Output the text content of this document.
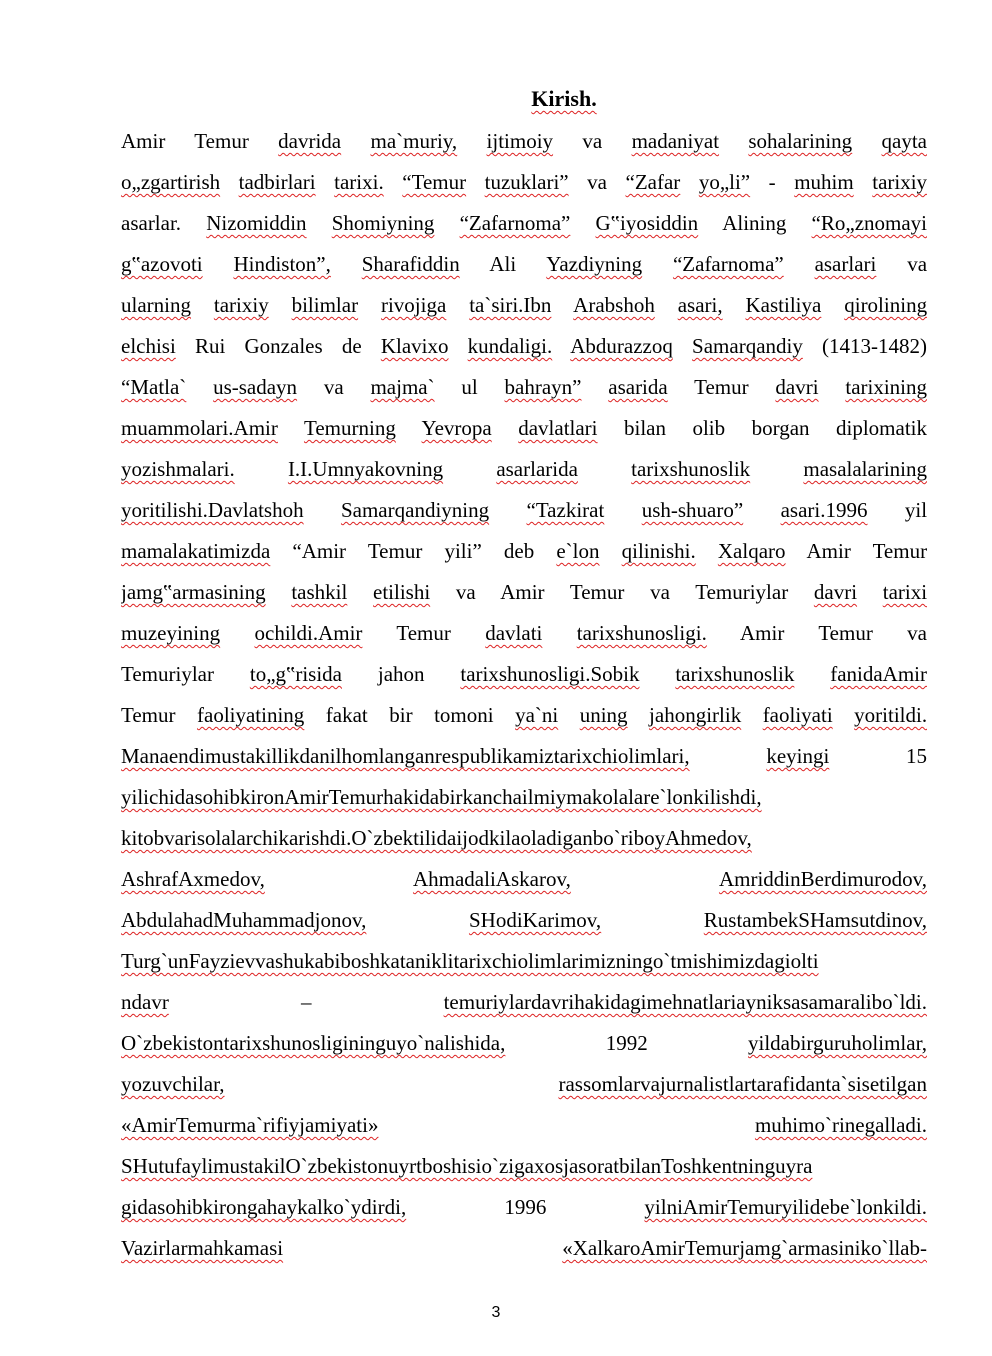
Kirish.
Amir Temur davrida ma`muriy, ijtimoiy va madaniyat sohalarining qayta
o„zgartirish tadbirlari tarixi. “Temur tuzuklari” va “Zafar yo„li” - muhim tarixiy
asarlar. Nizomiddin Shomiyning “Zafarnoma” G‟iyosiddin Alining “Ro„znomayi
g‟azovoti Hindiston”, Sharafiddin Ali Yazdiyning “Zafarnoma” asarlari va
ularning tarixiy bilimlar rivojiga ta`siri.Ibn Arabshoh asari, Kastiliya qirolining
elchisi Rui Gonzales de Klavixo kundaligi. Abdurazzoq Samarqandiy (1413-1482)
“Matla` us-sadayn va majma` ul bahrayn” asarida Temur davri tarixining
muammolari.Amir Temurning Yevropa davlatlari bilan olib borgan diplomatik
yozishmalari.	I.I.Umnyakovning	asarlarida	tarixshunoslik	masalalarining
yoritilishi.Davlatshoh Samarqandiyning “Tazkirat ush-shuaro” asari.1996 yil
mamalakatimizda “Amir Temur yili” deb e`lon qilinishi. Xalqaro Amir Temur
jamg‟armasining tashkil etilishi va Amir Temur va Temuriylar davri tarixi
muzeyining ochildi.Amir Temur davlati tarixshunosligi. Amir Temur va
Temuriylar to„g‟risida jahon tarixshunosligi.Sobik tarixshunoslik fanidaAmir
Temur faoliyatining fakat bir tomoni ya`ni uning jahongirlik faoliyati yoritildi.
Manaendimustakillikdanilhomlanganrespublikamiztarixchiolimlari,	keyingi	15
yilichidasohibkironAmirTemurhakidabirkanchailmiymakolalare`lonkilishdi,
kitobvarisolalarchikarishdi.O`zbektilidaijodkilaoladiganbo`riboyAhmedov,
AshrafAxmedov,	AhmadaliAskarov,	AmriddinBerdimurodov,
AbdulahadMuhammadjonov,	SHodiKarimov,	RustambekSHamsutdinov,
Turg`unFayzievvashukabiboshkataniklitarixchiolimlarimizningo`tmishimizdagiolti
ndavr	–	temuriylardavrihakidagimehnatlariayniksasamaralibo`ldi.
O`zbekistontarixshunosligininguyo`nalishida,	1992	yildabirguruholimlar,
yozuvchilar,	rassomlarvajurnalistlartarafidanta`sisetilgan
«AmirTemurma`rifiyjamiyati»	muhimo`rinegalladi.
SHutufaylimustakilO`zbekistonuyrtboshisio`zigaxosjasoratbilanToshkentninguyra
gidasohibkirongahaykalko`ydirdi,	1996	yilniAmirTemuryilidebe`lonkildi.
Vazirlarmahkamasi	«XalkaroAmirTemurjamg`armasiniko`llab-
3
